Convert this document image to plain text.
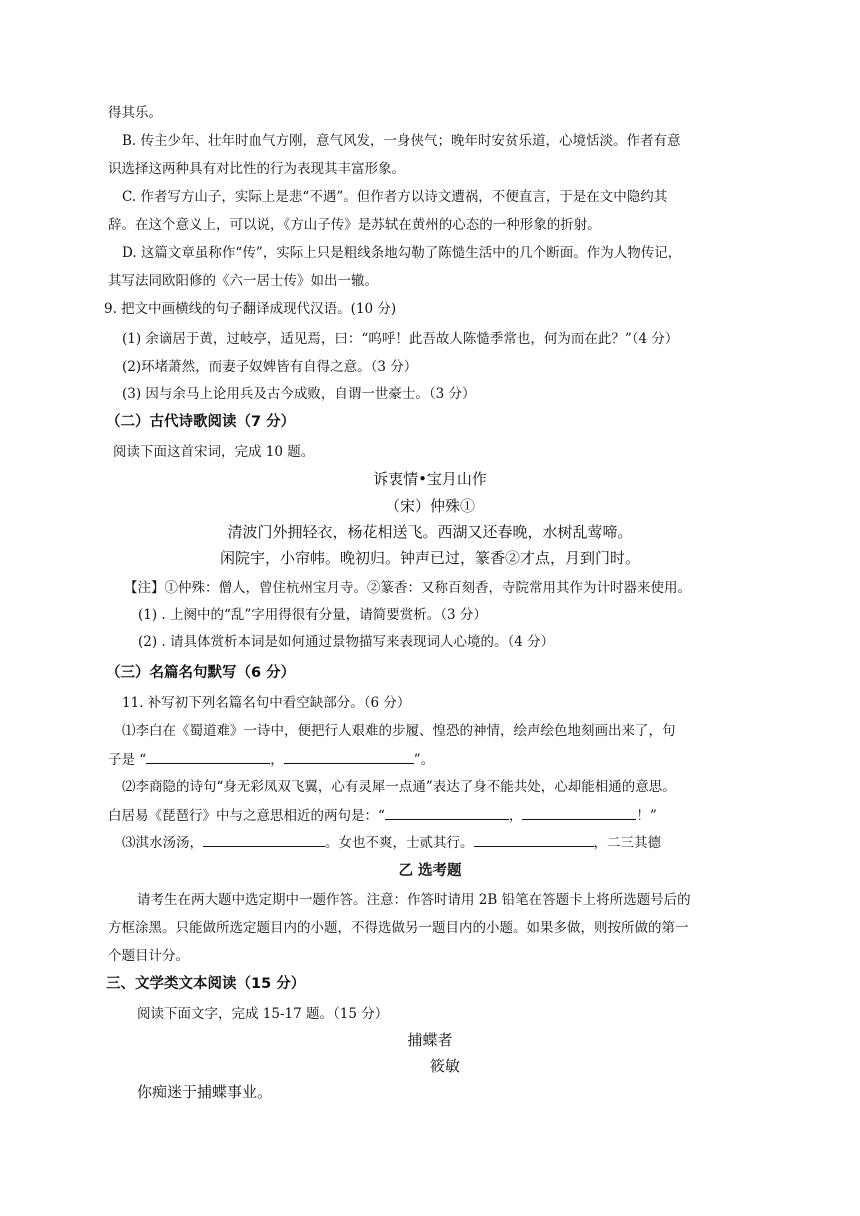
得其乐。
B. 传主少年、壮年时血气方刚，意气风发，一身侠气；晚年时安贫乐道，心境恬淡。作者有意
识选择这两种具有对比性的行为表现其丰富形象。
C. 作者写方山子，实际上是悲“不遇”。但作者方以诗文遭祸，不便直言，于是在文中隐约其
辞。在这个意义上，可以说，《方山子传》是苏轼在黄州的心态的一种形象的折射。
D. 这篇文章虽称作“传”，实际上只是粗线条地勾勒了陈慥生活中的几个断面。作为人物传记，
其写法同欧阳修的《六一居士传》如出一辙。
9. 把文中画横线的句子翻译成现代汉语。(10 分)
(1) 余谪居于黄，过岐亭，适见焉，曰：“呜呼！此吾故人陈慥季常也，何为而在此？”（4 分）
(2)环堵萧然，而妻子奴婢皆有自得之意。（3 分）
(3) 因与余马上论用兵及古今成败，自谓一世豪士。（3 分）
（二）古代诗歌阅读（7 分）
阅读下面这首宋词，完成 10 题。
诉衷情•宝月山作
（宋）仲殊①
清波门外拥轻衣，杨花相送飞。西湖又还春晚，水树乱莺啼。
闲院宇，小帘帏。晚初归。钟声已过，篆香②才点，月到门时。
【注】①仲殊：僧人，曾住杭州宝月寺。②篆香：又称百刻香，寺院常用其作为计时器来使用。
(1) . 上阕中的“乱”字用得很有分量，请简要赏析。（3 分）
(2) . 请具体赏析本词是如何通过景物描写来表现词人心境的。（4 分）
（三）名篇名句默写（6 分）
11. 补写初下列名篇名句中看空缺部分。（6 分）
⑴李白在《蜀道难》一诗中，便把行人艰难的步履、惶恐的神情，绘声绘色地刻画出来了，句
子是 “	，	”。
⑵李商隐的诗句“身无彩凤双飞翼，心有灵犀一点通”表达了身不能共处，心却能相通的意思。
白居易《琵琶行》中与之意思相近的两句是：“	，	！”
⑶淇水汤汤，	。女也不爽，士贰其行。	，二三其德
乙 选考题
请考生在两大题中选定期中一题作答。注意：作答时请用 2B 铅笔在答题卡上将所选题号后的
方框涂黑。只能做所选定题目内的小题，不得选做另一题目内的小题。如果多做，则按所做的第一
个题目计分。
三、文学类文本阅读（15 分）
阅读下面文字，完成 15-17 题。（15 分）
捕蝶者
筱敏
你痴迷于捕蝶事业。
